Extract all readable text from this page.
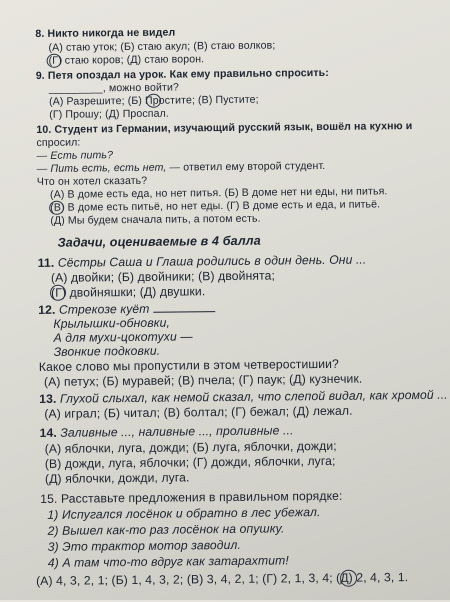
8. Никто никогда не видел
(А) стаю уток; (Б) стаю акул; (В) стаю волков;
(Г) стаю коров; (Д) стаю ворон.
9. Петя опоздал на урок. Как ему правильно спросить:
_________, можно войти?
(А) Разрешите; (Б) Простите; (В) Пустите;
(Г) Прошу; (Д) Проспал.
10. Студент из Германии, изучающий русский язык, вошёл на кухню и
спросил:
— Есть пить?
— Пить есть, есть нет, — ответил ему второй студент.
Что он хотел сказать?
(А) В доме есть еда, но нет питья. (Б) В доме нет ни еды, ни питья.
(В) В доме есть питьё, но нет еды. (Г) В доме есть и еда, и питьё.
(Д) Мы будем сначала пить, а потом есть.
Задачи, оцениваемые в 4 балла
11. Сёстры Саша и Глаша родились в один день. Они ...
(А) двойки; (Б) двойники; (В) двойнята;
(Г) двойняшки; (Д) двушки.
12. Стрекозе куёт
Крылышки-обновки,
А для мухи-цокотухи —
Звонкие подковки.
Какое слово мы пропустили в этом четверостишии?
(А) петух; (Б) муравей; (В) пчела; (Г) паук; (Д) кузнечик.
13. Глухой слыхал, как немой сказал, что слепой видал, как хромой ...
(А) играл; (Б) читал; (В) болтал; (Г) бежал; (Д) лежал.
14. Заливные ..., наливные ..., проливные ...
(А) яблочки, луга, дожди; (Б) луга, яблочки, дожди;
(В) дожди, луга, яблочки; (Г) дожди, яблочки, луга;
(Д) яблочки, дожди, луга.
15. Расставьте предложения в правильном порядке:
1) Испугался лосёнок и обратно в лес убежал.
2) Вышел как-то раз лосёнок на опушку.
3) Это трактор мотор заводил.
4) А там что-то вдруг как затарахтит!
(А) 4, 3, 2, 1; (Б) 1, 4, 3, 2; (В) 3, 4, 2, 1; (Г) 2, 1, 3, 4; (Д) 2, 4, 3, 1.
